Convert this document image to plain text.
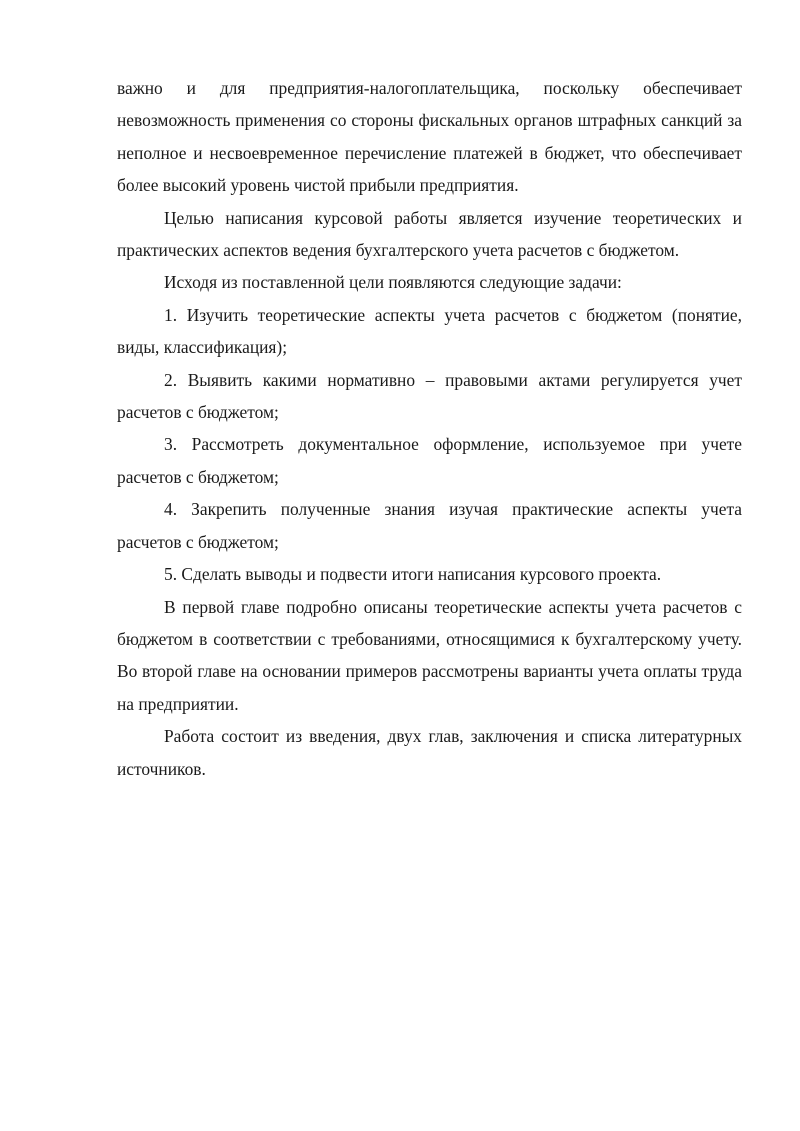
важно и для предприятия-налогоплательщика, поскольку обеспечивает невозможность применения со стороны фискальных органов штрафных санкций за неполное и несвоевременное перечисление платежей в бюджет, что обеспечивает более высокий уровень чистой прибыли предприятия.

Целью написания курсовой работы является изучение теоретических и практических аспектов ведения бухгалтерского учета расчетов с бюджетом.

Исходя из поставленной цели появляются следующие задачи:

1. Изучить теоретические аспекты учета расчетов с бюджетом (понятие, виды, классификация);

2. Выявить какими нормативно – правовыми актами регулируется учет расчетов с бюджетом;

3. Рассмотреть документальное оформление, используемое при учете расчетов с бюджетом;

4. Закрепить полученные знания изучая практические аспекты учета расчетов с бюджетом;

5. Сделать выводы и подвести итоги написания курсового проекта.

В первой главе подробно описаны теоретические аспекты учета расчетов с бюджетом в соответствии с требованиями, относящимися к бухгалтерскому учету. Во второй главе на основании примеров рассмотрены варианты учета оплаты труда на предприятии.

Работа состоит из введения, двух глав, заключения и списка литературных источников.
